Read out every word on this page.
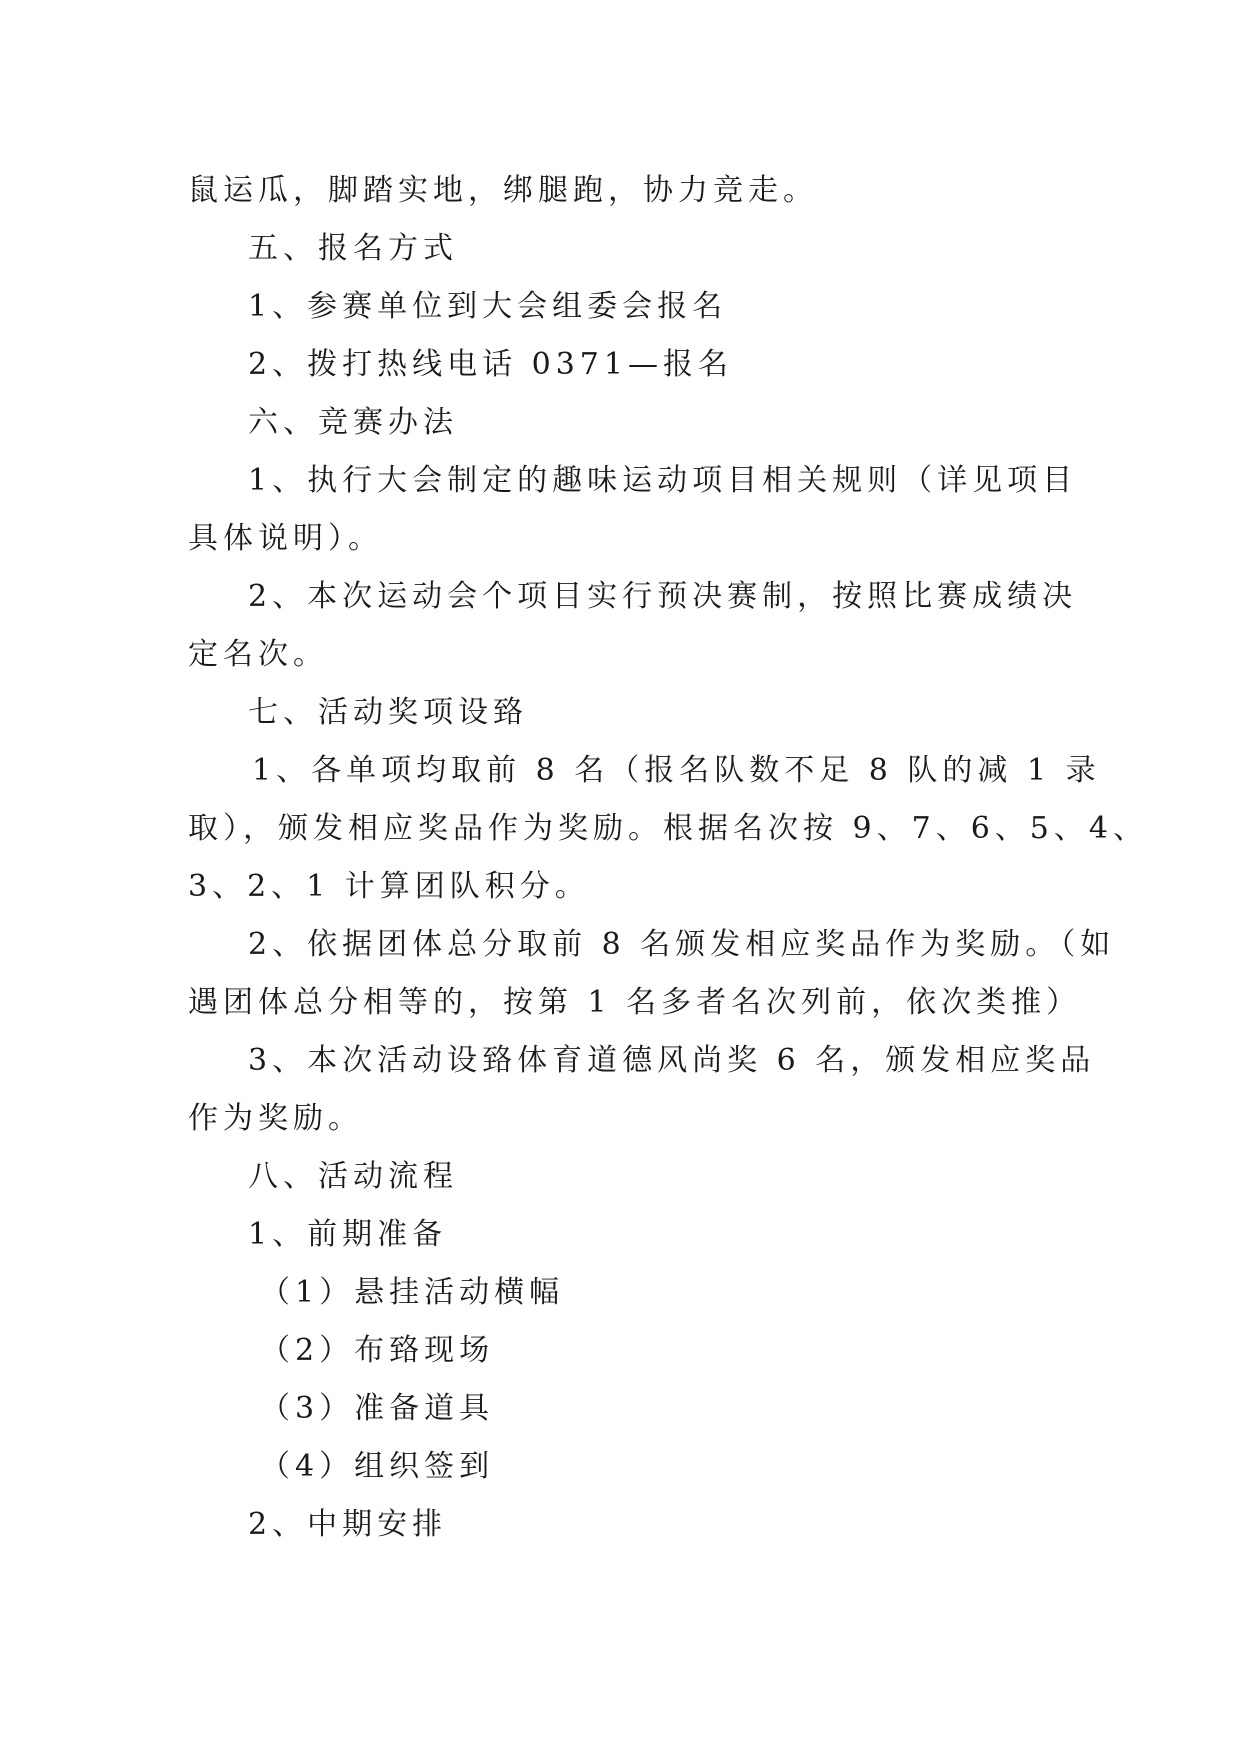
鼠运瓜，脚踏实地，绑腿跑，协力竞走。

五、报名方式

1、参赛单位到大会组委会报名

2、拨打热线电话 0371—报名

六、竞赛办法

1、执行大会制定的趣味运动项目相关规则（详见项目

具体说明）。

2、本次运动会个项目实行预决赛制，按照比赛成绩决

定名次。

七、活动奖项设臵

1、各单项均取前 8 名（报名队数不足 8 队的减 1 录

取），颁发相应奖品作为奖励。根据名次按 9、7、6、5、4、

3、2、1 计算团队积分。

2、依据团体总分取前 8 名颁发相应奖品作为奖励。（如

遇团体总分相等的，按第 1 名多者名次列前，依次类推）

3、本次活动设臵体育道德风尚奖 6 名，颁发相应奖品

作为奖励。

八、活动流程

1、前期准备

（1）悬挂活动横幅

（2）布臵现场

（3）准备道具

（4）组织签到

2、中期安排
